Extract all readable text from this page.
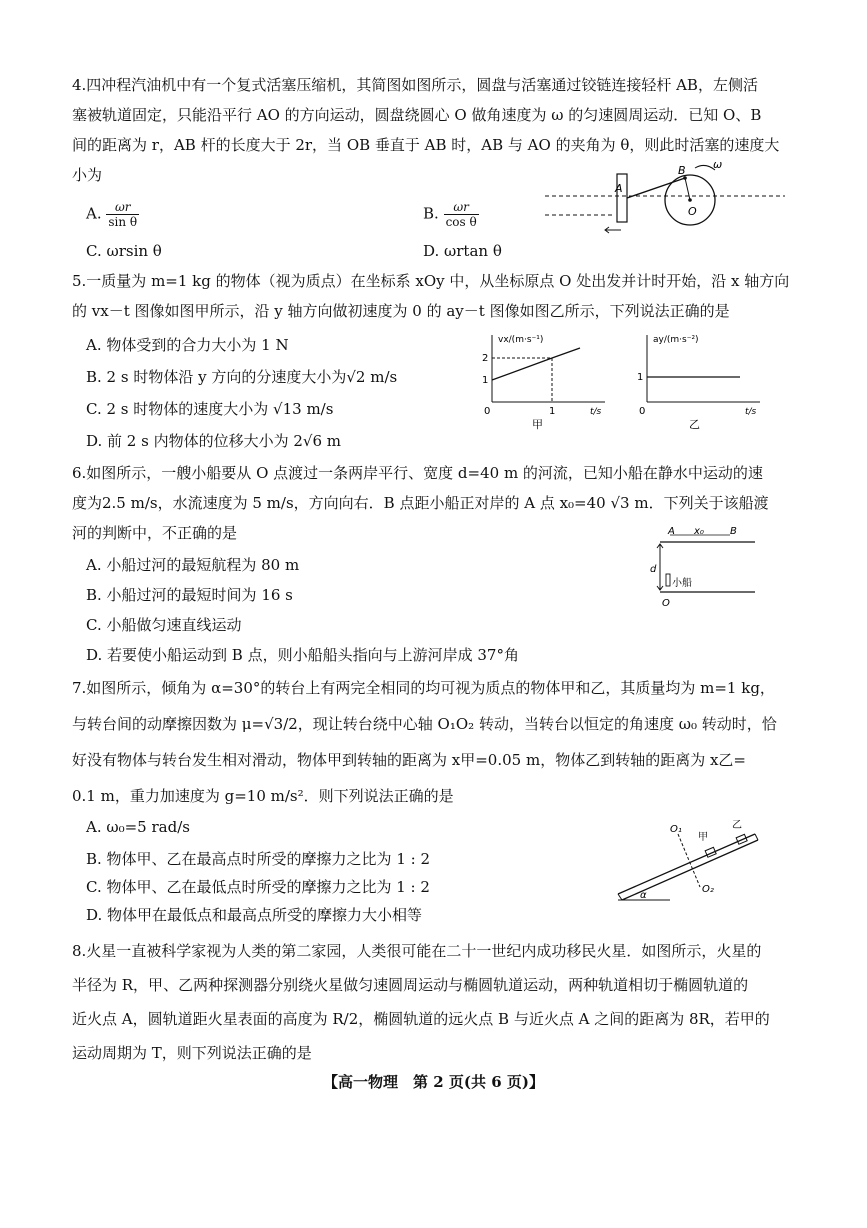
4.四冲程汽油机中有一个复式活塞压缩机，其简图如图所示，圆盘与活塞通过铰链连接轻杆 AB，左侧活
塞被轨道固定，只能沿平行 AO 的方向运动，圆盘绕圆心 O 做角速度为 ω 的匀速圆周运动．已知 O、B
间的距离为 r，AB 杆的长度大于 2r，当 OB 垂直于 AB 时，AB 与 AO 的夹角为 θ，则此时活塞的速度大
小为
A. $\frac{\omega r}{\text{sin θ}}$	B. $\frac{\omega r}{\text{cos θ}}$
C. ωrsin θ	D. ωrtan θ
A
B
O
ω
5.一质量为 m=1 kg 的物体（视为质点）在坐标系 xOy 中，从坐标原点 O 处出发并计时开始，沿 x 轴方向
的 vx－t 图像如图甲所示，沿 y 轴方向做初速度为 0 的 ay－t 图像如图乙所示，下列说法正确的是
A. 物体受到的合力大小为 1 N
B. 2 s 时物体沿 y 方向的分速度大小为√2 m/s
C. 2 s 时物体的速度大小为 √13 m/s
D. 前 2 s 内物体的位移大小为 2√6 m
vx/(m·s⁻¹)
t/s
2
1
0	1
甲
ay/(m·s⁻²)
t/s
1
0
乙
6.如图所示，一艘小船要从 O 点渡过一条两岸平行、宽度 d=40 m 的河流，已知小船在静水中运动的速
度为2.5 m/s，水流速度为 5 m/s，方向向右．B 点距小船正对岸的 A 点 x₀=40 √3 m．下列关于该船渡
河的判断中，不正确的是
A. 小船过河的最短航程为 80 m
B. 小船过河的最短时间为 16 s
C. 小船做匀速直线运动
D. 若要使小船运动到 B 点，则小船船头指向与上游河岸成 37°角
A	B
x₀
d
小船
O
7.如图所示，倾角为 α=30°的转台上有两完全相同的均可视为质点的物体甲和乙，其质量均为 m=1 kg，
与转台间的动摩擦因数为 μ=√3/2，现让转台绕中心轴 O₁O₂ 转动，当转台以恒定的角速度 ω₀ 转动时，恰
好没有物体与转台发生相对滑动，物体甲到转轴的距离为 x甲=0.05 m，物体乙到转轴的距离为 x乙=
0.1 m，重力加速度为 g=10 m/s²．则下列说法正确的是
A. ω₀=5 rad/s
B. 物体甲、乙在最高点时所受的摩擦力之比为 1 : 2
C. 物体甲、乙在最低点时所受的摩擦力之比为 1 : 2
D. 物体甲在最低点和最高点所受的摩擦力大小相等
O₁
O₂
甲
乙
α
8.火星一直被科学家视为人类的第二家园，人类很可能在二十一世纪内成功移民火星．如图所示，火星的
半径为 R，甲、乙两种探测器分别绕火星做匀速圆周运动与椭圆轨道运动，两种轨道相切于椭圆轨道的
近火点 A，圆轨道距火星表面的高度为 R/2，椭圆轨道的远火点 B 与近火点 A 之间的距离为 8R，若甲的
运动周期为 T，则下列说法正确的是
【高一物理　第 2 页(共 6 页)】
